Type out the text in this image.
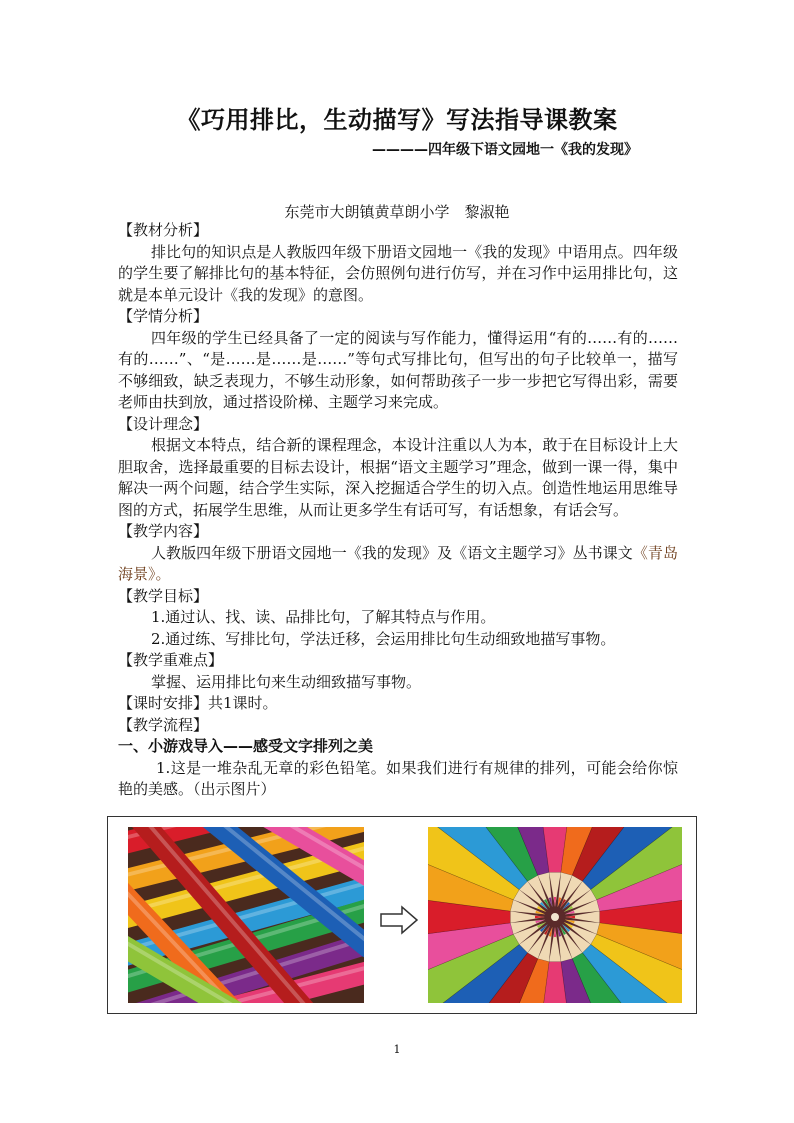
《巧用排比，生动描写》写法指导课教案
————四年级下语文园地一《我的发现》
东莞市大朗镇黄草朗小学　黎淑艳

【教材分析】

排比句的知识点是人教版四年级下册语文园地一《我的发现》中语用点。四年级的学生要了解排比句的基本特征，会仿照例句进行仿写，并在习作中运用排比句，这就是本单元设计《我的发现》的意图。

【学情分析】

四年级的学生已经具备了一定的阅读与写作能力，懂得运用“有的……有的……有的……”、“是……是……是……”等句式写排比句，但写出的句子比较单一，描写不够细致，缺乏表现力，不够生动形象，如何帮助孩子一步一步把它写得出彩，需要老师由扶到放，通过搭设阶梯、主题学习来完成。

【设计理念】

根据文本特点，结合新的课程理念，本设计注重以人为本，敢于在目标设计上大胆取舍，选择最重要的目标去设计，根据“语文主题学习”理念，做到一课一得，集中解决一两个问题，结合学生实际，深入挖掘适合学生的切入点。创造性地运用思维导图的方式，拓展学生思维，从而让更多学生有话可写，有话想象，有话会写。

【教学内容】

人教版四年级下册语文园地一《我的发现》及《语文主题学习》丛书课文《青岛海景》。

【教学目标】

1.通过认、找、读、品排比句，了解其特点与作用。

2.通过练、写排比句，学法迁移，会运用排比句生动细致地描写事物。

【教学重难点】

掌握、运用排比句来生动细致描写事物。

【课时安排】共1课时。

【教学流程】

一、小游戏导入——感受文字排列之美

1.这是一堆杂乱无章的彩色铅笔。如果我们进行有规律的排列，可能会给你惊艳的美感。（出示图片）

1
